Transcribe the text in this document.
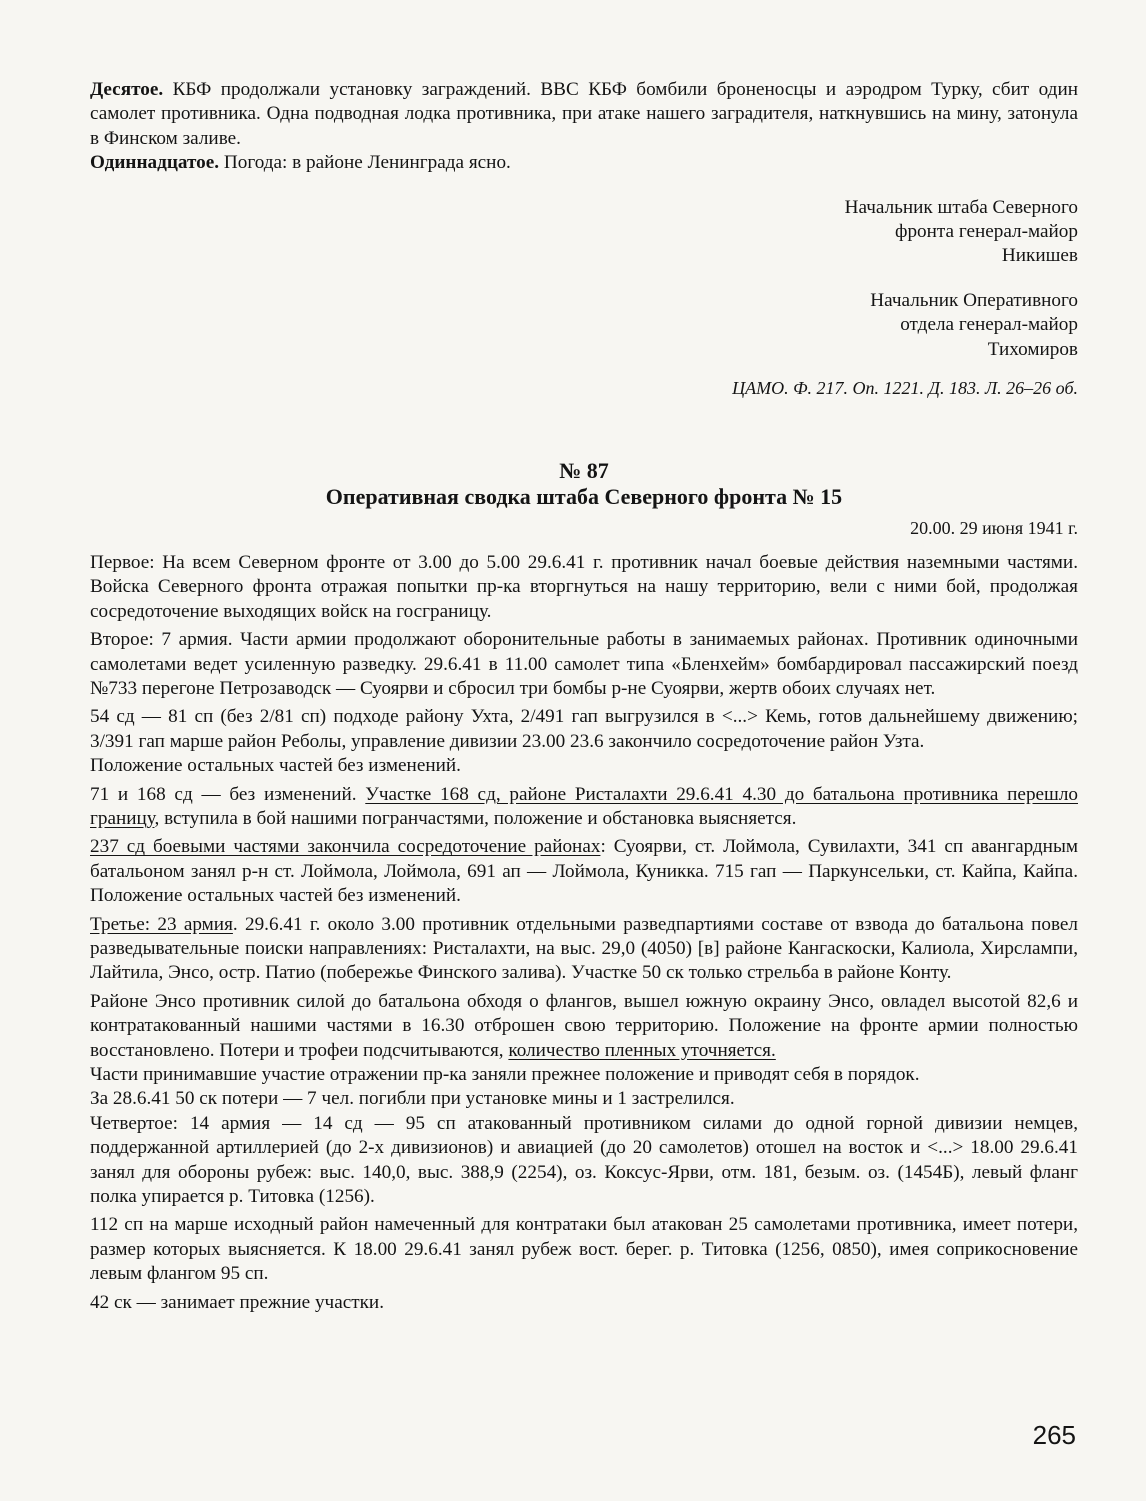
Десятое. КБФ продолжали установку заграждений. ВВС КБФ бомбили броненосцы и аэродром Турку, сбит один самолет противника. Одна подводная лодка противника, при атаке нашего заградителя, наткнувшись на мину, затонула в Финском заливе.

Одиннадцатое. Погода: в районе Ленинграда ясно.

Начальник штаба Северного

фронта генерал-майор

Никишев

Начальник Оперативного

отдела генерал-майор

Тихомиров

ЦАМО. Ф. 217. Оп. 1221. Д. 183. Л. 26–26 об.

№ 87

Оперативная сводка штаба Северного фронта № 15

20.00. 29 июня 1941 г.

Первое: На всем Северном фронте от 3.00 до 5.00 29.6.41 г. противник начал боевые действия наземными частями. Войска Северного фронта отражая попытки пр-ка вторгнуться на нашу территорию, вели с ними бой, продолжая сосредоточение выходящих войск на госграницу.

Второе: 7 армия. Части армии продолжают оборонительные работы в занимаемых районах. Противник одиночными самолетами ведет усиленную разведку. 29.6.41 в 11.00 самолет типа «Бленхейм» бомбардировал пассажирский поезд №733 перегоне Петрозаводск — Суоярви и сбросил три бомбы р-не Суоярви, жертв обоих случаях нет.

54 сд — 81 сп (без 2/81 сп) подходе району Ухта, 2/491 гап выгрузился в <...> Кемь, готов дальнейшему движению; 3/391 гап марше район Реболы, управление дивизии 23.00 23.6 закончило сосредоточение район Узта.

Положение остальных частей без изменений.

71 и 168 сд — без изменений. Участке 168 сд, районе Ристалахти 29.6.41 4.30 до батальона противника перешло границу, вступила в бой нашими погранчастями, положение и обстановка выясняется.

237 сд боевыми частями закончила сосредоточение районах: Суоярви, ст. Лоймола, Сувилахти, 341 сп авангардным батальоном занял р-н ст. Лоймола, Лоймола, 691 ап — Лоймола, Куникка. 715 гап — Паркунсельки, ст. Кайпа, Кайпа. Положение остальных частей без изменений.

Третье: 23 армия. 29.6.41 г. около 3.00 противник отдельными разведпартиями составе от взвода до батальона повел разведывательные поиски направлениях: Ристалахти, на выс. 29,0 (4050) [в] районе Кангаскоски, Калиола, Хирслампи, Лайтила, Энсо, остр. Патио (побережье Финского залива). Участке 50 ск только стрельба в районе Конту.

Районе Энсо противник силой до батальона обходя о флангов, вышел южную окраину Энсо, овладел высотой 82,6 и контратакованный нашими частями в 16.30 отброшен свою территорию. Положение на фронте армии полностью восстановлено. Потери и трофеи подсчитываются, количество пленных уточняется.

Части принимавшие участие отражении пр-ка заняли прежнее положение и приводят себя в порядок.

За 28.6.41 50 ск потери — 7 чел. погибли при установке мины и 1 застрелился.

Четвертое: 14 армия — 14 сд — 95 сп атакованный противником силами до одной горной дивизии немцев, поддержанной артиллерией (до 2-х дивизионов) и авиацией (до 20 самолетов) отошел на восток и <...> 18.00 29.6.41 занял для обороны рубеж: выс. 140,0, выс. 388,9 (2254), оз. Коксус-Ярви, отм. 181, безым. оз. (1454Б), левый фланг полка упирается р. Титовка (1256).

112 сп на марше исходный район намеченный для контратаки был атакован 25 самолетами противника, имеет потери, размер которых выясняется. К 18.00 29.6.41 занял рубеж вост. берег. р. Титовка (1256, 0850), имея соприкосновение левым флангом 95 сп.

42 ск — занимает прежние участки.

265
